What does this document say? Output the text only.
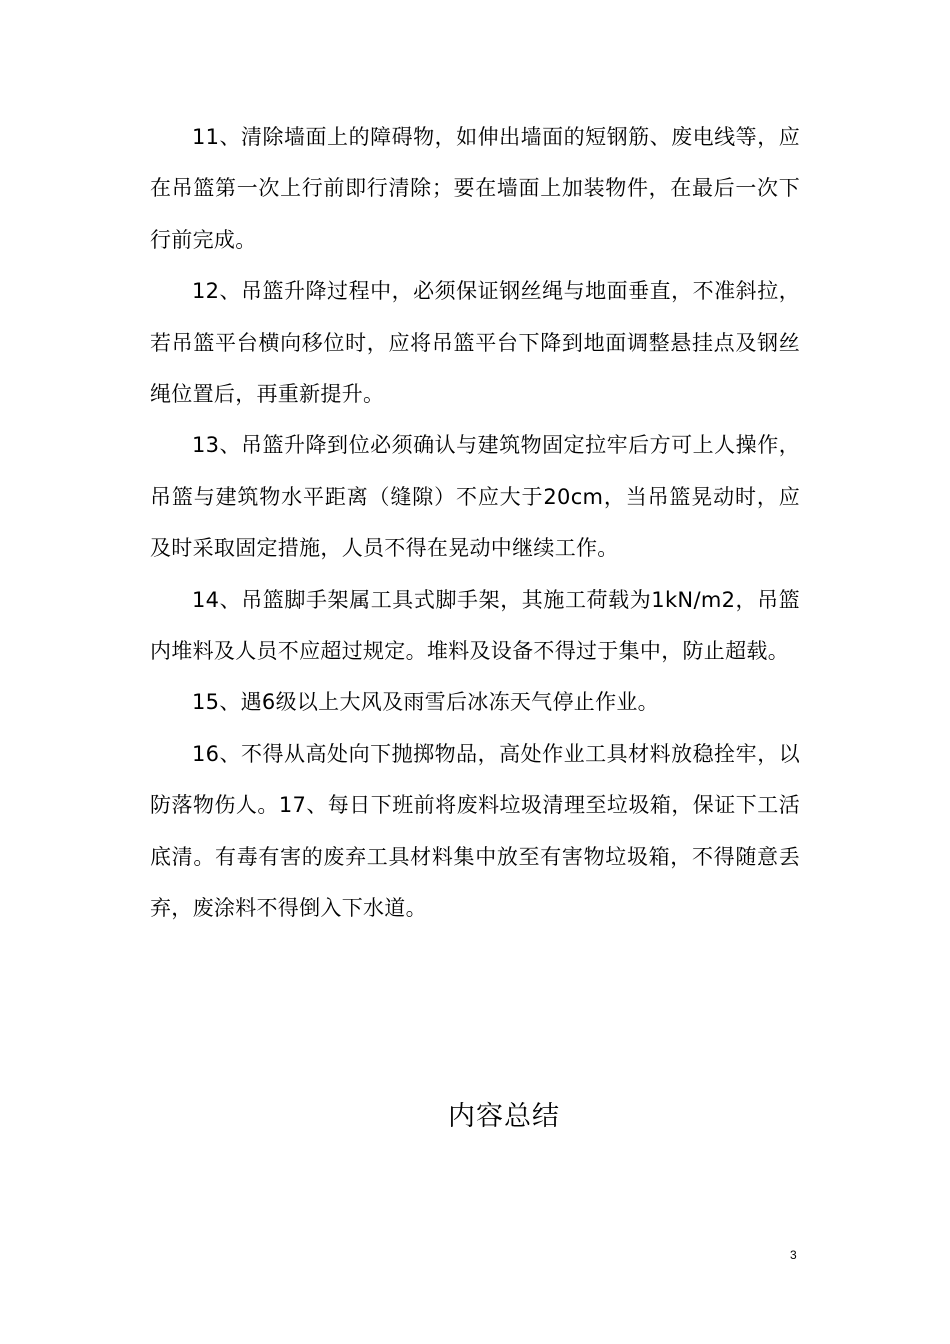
11、清除墙面上的障碍物，如伸出墙面的短钢筋、废电线等，应在吊篮第一次上行前即行清除；要在墙面上加装物件，在最后一次下行前完成。

12、吊篮升降过程中，必须保证钢丝绳与地面垂直，不准斜拉，若吊篮平台横向移位时，应将吊篮平台下降到地面调整悬挂点及钢丝绳位置后，再重新提升。

13、吊篮升降到位必须确认与建筑物固定拉牢后方可上人操作，吊篮与建筑物水平距离（缝隙）不应大于20cm，当吊篮晃动时，应及时采取固定措施，人员不得在晃动中继续工作。

14、吊篮脚手架属工具式脚手架，其施工荷载为1kN/m2，吊篮内堆料及人员不应超过规定。堆料及设备不得过于集中，防止超载。

15、遇6级以上大风及雨雪后冰冻天气停止作业。

16、不得从高处向下抛掷物品，高处作业工具材料放稳拴牢，以防落物伤人。17、每日下班前将废料垃圾清理至垃圾箱，保证下工活底清。有毒有害的废弃工具材料集中放至有害物垃圾箱，不得随意丢弃，废涂料不得倒入下水道。

内容总结
3
